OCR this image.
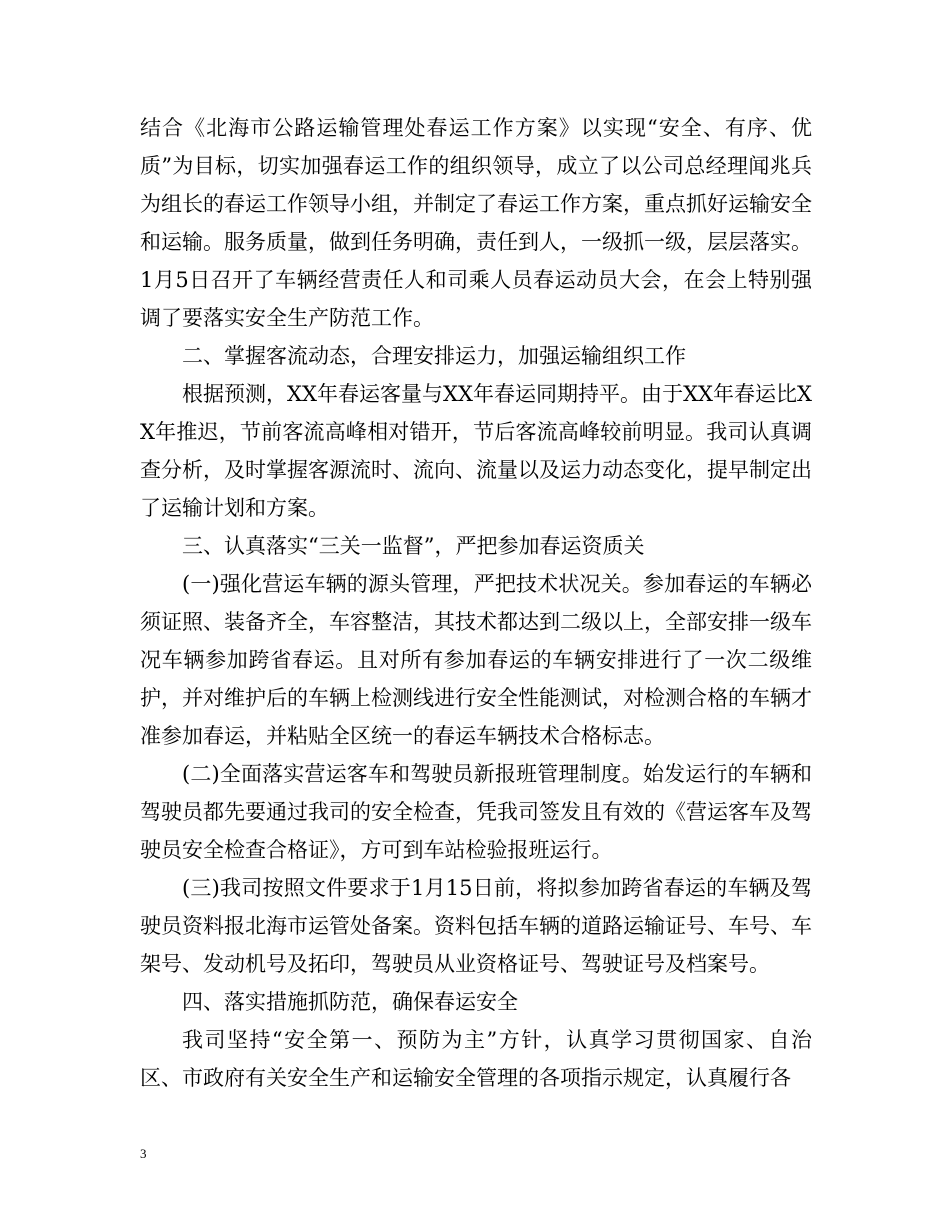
结合《北海市公路运输管理处春运工作方案》以实现“安全、有序、优质”为目标，切实加强春运工作的组织领导，成立了以公司总经理闻兆兵为组长的春运工作领导小组，并制定了春运工作方案，重点抓好运输安全和运输。服务质量，做到任务明确，责任到人，一级抓一级，层层落实。1月5日召开了车辆经营责任人和司乘人员春运动员大会，在会上特别强调了要落实安全生产防范工作。

二、掌握客流动态，合理安排运力，加强运输组织工作

根据预测，XX年春运客量与XX年春运同期持平。由于XX年春运比XX年推迟，节前客流高峰相对错开，节后客流高峰较前明显。我司认真调查分析，及时掌握客源流时、流向、流量以及运力动态变化，提早制定出了运输计划和方案。

三、认真落实“三关一监督”，严把参加春运资质关

(一)强化营运车辆的源头管理，严把技术状况关。参加春运的车辆必须证照、装备齐全，车容整洁，其技术都达到二级以上，全部安排一级车况车辆参加跨省春运。且对所有参加春运的车辆安排进行了一次二级维护，并对维护后的车辆上检测线进行安全性能测试，对检测合格的车辆才准参加春运，并粘贴全区统一的春运车辆技术合格标志。

(二)全面落实营运客车和驾驶员新报班管理制度。始发运行的车辆和驾驶员都先要通过我司的安全检查，凭我司签发且有效的《营运客车及驾驶员安全检查合格证》，方可到车站检验报班运行。

(三)我司按照文件要求于1月15日前，将拟参加跨省春运的车辆及驾驶员资料报北海市运管处备案。资料包括车辆的道路运输证号、车号、车架号、发动机号及拓印，驾驶员从业资格证号、驾驶证号及档案号。

四、落实措施抓防范，确保春运安全

我司坚持“安全第一、预防为主”方针，认真学习贯彻国家、自治区、市政府有关安全生产和运输安全管理的各项指示规定，认真履行各

3
